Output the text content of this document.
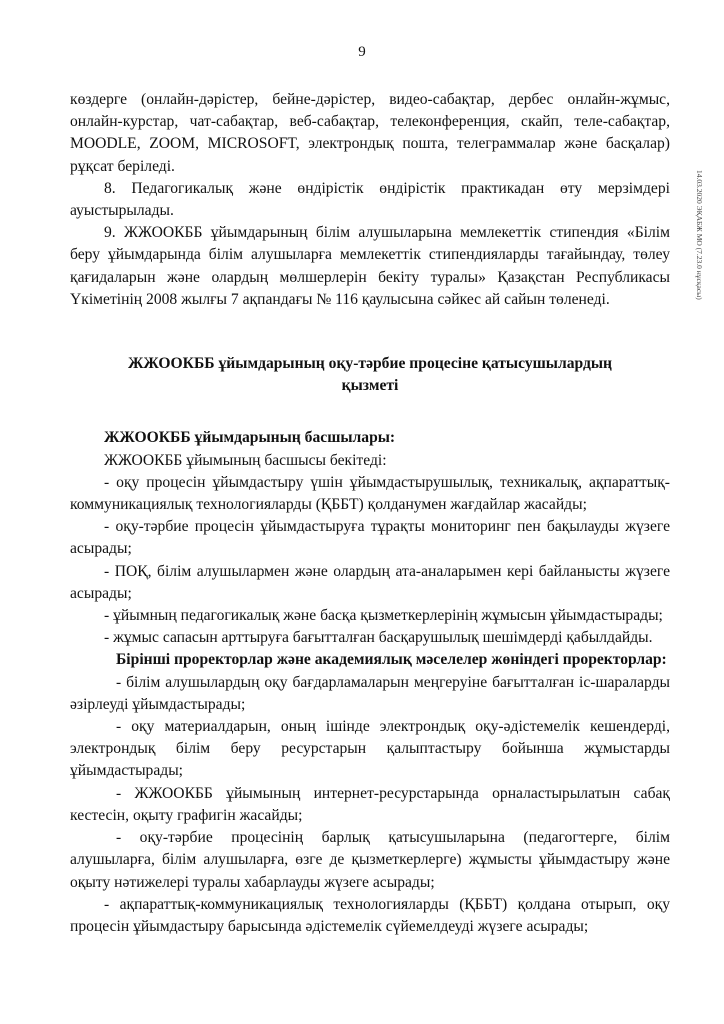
9
14.03.2020 ЭҚАБЖ МО (7.23.0 нұсқасы)

көздерге (онлайн-дәрістер, бейне-дәрістер, видео-сабақтар, дербес онлайн-жұмыс, онлайн-курстар, чат-сабақтар, веб-сабақтар, телеконференция, скайп, теле-сабақтар, MOODLE, ZOOM, MICROSOFT, электрондық пошта, телеграммалар және басқалар) рұқсат беріледі.

8. Педагогикалық және өндірістік өндірістік практикадан өту мерзімдері ауыстырылады.

9. ЖЖООКББ ұйымдарының білім алушыларына мемлекеттік стипендия «Білім беру ұйымдарында білім алушыларға мемлекеттік стипендияларды тағайындау, төлеу қағидаларын және олардың мөлшерлерін бекіту туралы» Қазақстан Республикасы Үкіметінің 2008 жылғы 7 ақпандағы № 116 қаулысына сәйкес ай сайын төленеді.

ЖЖООКББ ұйымдарының оқу-тәрбие процесіне қатысушылардың қызметі

ЖЖООКББ ұйымдарының басшылары:

ЖЖООКББ ұйымының басшысы бекітеді:

- оқу процесін ұйымдастыру үшін ұйымдастырушылық, техникалық, ақпараттық-коммуникациялық технологияларды (ҚББТ) қолданумен жағдайлар жасайды;

- оқу-тәрбие процесін ұйымдастыруға тұрақты мониторинг пен бақылауды жүзеге асырады;

- ПОҚ, білім алушылармен және олардың ата-аналарымен кері байланысты жүзеге асырады;

- ұйымның педагогикалық және басқа қызметкерлерінің жұмысын ұйымдастырады;

- жұмыс сапасын арттыруға бағытталған басқарушылық шешімдерді қабылдайды.

Бірінші проректорлар және академиялық мәселелер жөніндегі проректорлар:

- білім алушылардың оқу бағдарламаларын меңгеруіне бағытталған іс-шараларды әзірлеуді ұйымдастырады;

- оқу материалдарын, оның ішінде электрондық оқу-әдістемелік кешендерді, электрондық білім беру ресурстарын қалыптастыру бойынша жұмыстарды ұйымдастырады;

- ЖЖООКББ ұйымының интернет-ресурстарында орналастырылатын сабақ кестесін, оқыту графигін жасайды;

- оқу-тәрбие процесінің барлық қатысушыларына (педагогтерге, білім алушыларға, білім алушыларға, өзге де қызметкерлерге) жұмысты ұйымдастыру және оқыту нәтижелері туралы хабарлауды жүзеге асырады;

- ақпараттық-коммуникациялық технологияларды (ҚББТ) қолдана отырып, оқу процесін ұйымдастыру барысында әдістемелік сүйемелдеуді жүзеге асырады;
